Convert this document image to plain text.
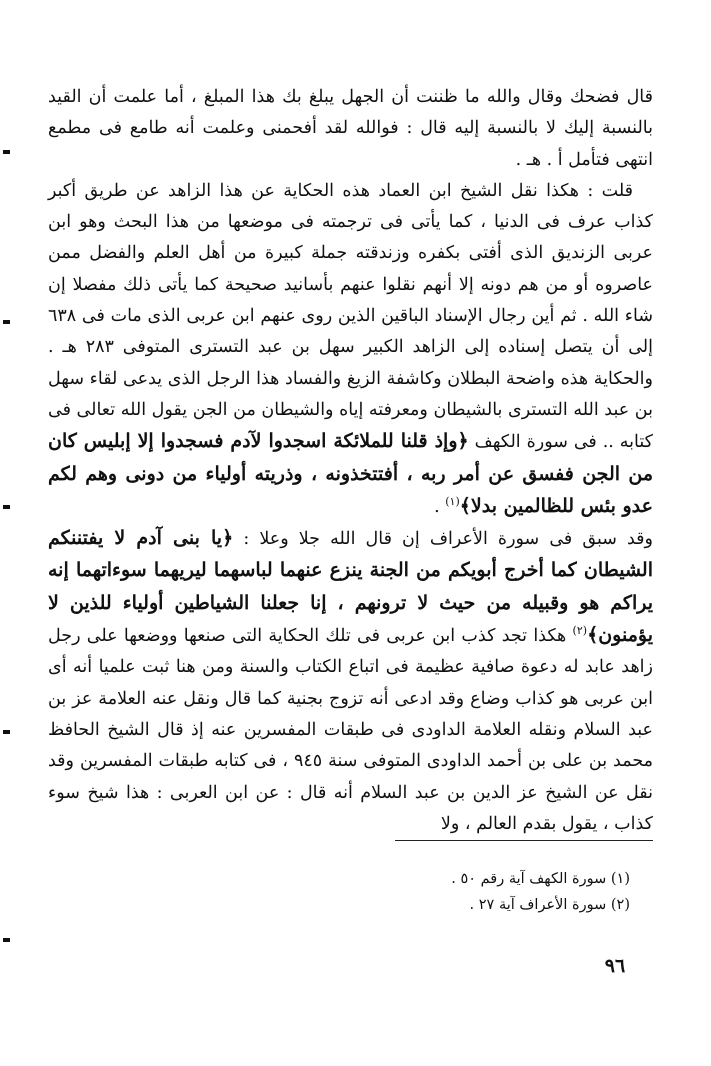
قال فضحك وقال والله ما ظننت أن الجهل يبلغ بك هذا المبلغ ، أما علمت أن القيد بالنسبة إليك لا بالنسبة إليه قال : فوالله لقد أفحمنى وعلمت أنه طامع فى مطمع انتهى فتأمل أ . هـ .

قلت : هكذا نقل الشيخ ابن العماد هذه الحكاية عن هذا الزاهد عن طريق أكبر كذاب عرف فى الدنيا ، كما يأتى فى ترجمته فى موضعها من هذا البحث وهو ابن عربى الزنديق الذى أفتى بكفره وزندقته جملة كبيرة من أهل العلم والفضل ممن عاصروه أو من هم دونه إلا أنهم نقلوا عنهم بأسانيد صحيحة كما يأتى ذلك مفصلا إن شاء الله . ثم أين رجال الإسناد الباقين الذين روى عنهم ابن عربى الذى مات فى ٦٣٨ إلى أن يتصل إسناده إلى الزاهد الكبير سهل بن عبد التسترى المتوفى ٢٨٣ هـ . والحكاية هذه واضحة البطلان وكاشفة الزيغ والفساد هذا الرجل الذى يدعى لقاء سهل بن عبد الله التسترى بالشيطان ومعرفته إياه والشيطان من الجن يقول الله تعالى فى كتابه .. فى سورة الكهف ﴿وإذ قلنا للملائكة اسجدوا لآدم فسجدوا إلا إبليس كان من الجن ففسق عن أمر ربه ، أفتتخذونه ، وذريته أولياء من دونى وهم لكم عدو بئس للظالمين بدلا﴾$^{(١)}$ .

وقد سبق فى سورة الأعراف إن قال الله جلا وعلا : ﴿يا بنى آدم لا يفتننكم الشيطان كما أخرج أبويكم من الجنة ينزع عنهما لباسهما ليريهما سوءاتهما إنه يراكم هو وقبيله من حيث لا ترونهم ، إنا جعلنا الشياطين أولياء للذين لا يؤمنون﴾$^{(٢)}$ هكذا تجد كذب ابن عربى فى تلك الحكاية التى صنعها ووضعها على رجل زاهد عابد له دعوة صافية عظيمة فى اتباع الكتاب والسنة ومن هنا ثبت علميا أنه أى ابن عربى هو كذاب وضاع وقد ادعى أنه تزوج بجنية كما قال ونقل عنه العلامة عز بن عبد السلام ونقله العلامة الداودى فى طبقات المفسرين عنه إذ قال الشيخ الحافظ محمد بن على بن أحمد الداودى المتوفى سنة ٩٤٥ ، فى كتابه طبقات المفسرين وقد نقل عن الشيخ عز الدين بن عبد السلام أنه قال : عن ابن العربى : هذا شيخ سوء كذاب ، يقول بقدم العالم ، ولا

(١) سورة الكهف آية رقم ٥٠ .
(٢) سورة الأعراف آية ٢٧ .
٩٦
